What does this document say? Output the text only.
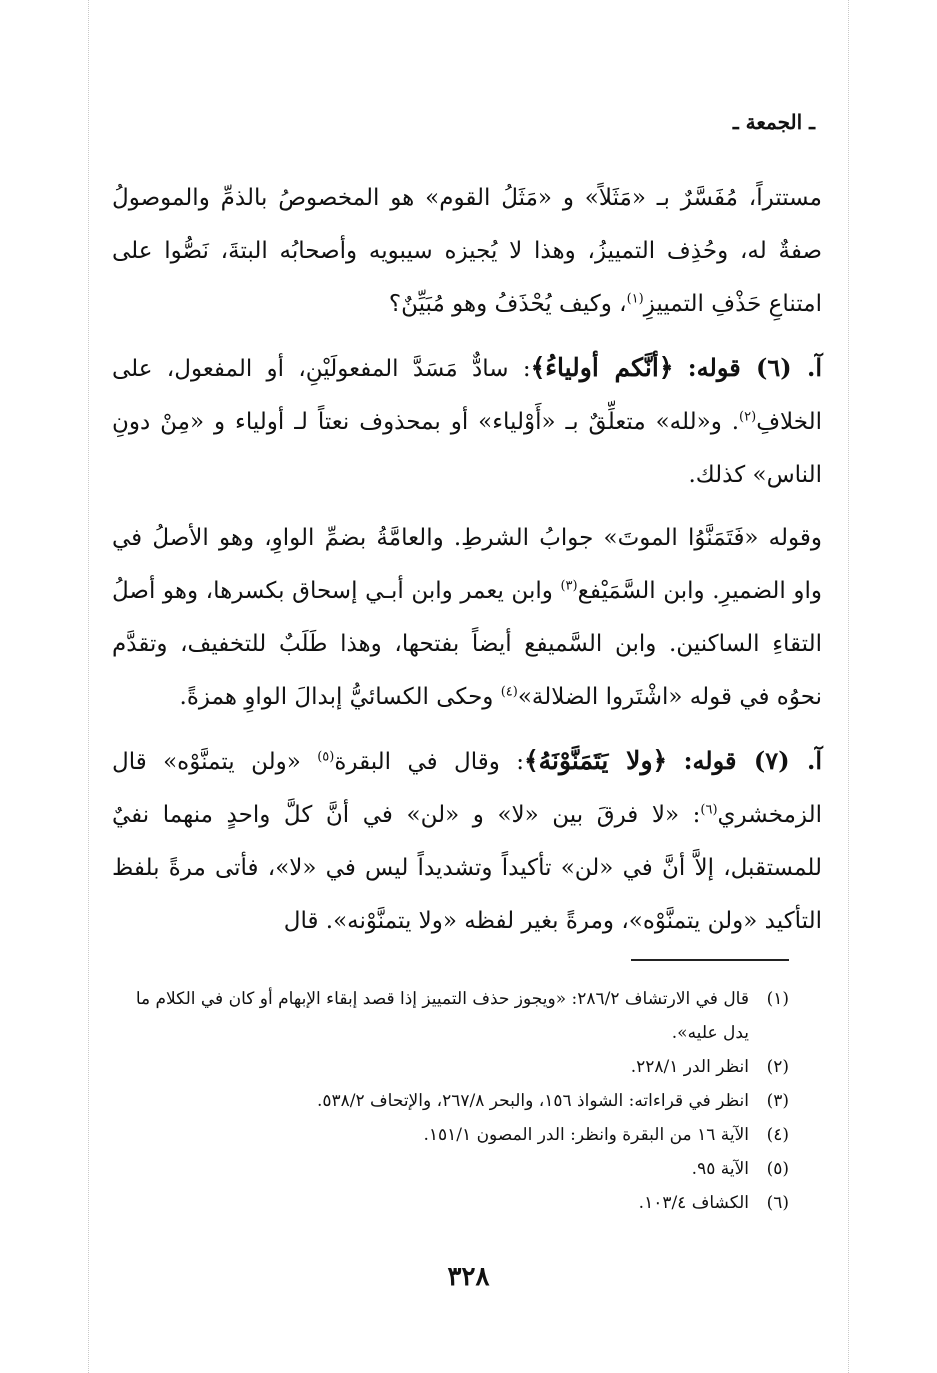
ـ الجمعة ـ

مستتراً، مُفَسَّرٌ بـ «مَثَلاً» و «مَثَلُ القوم» هو المخصوصُ بالذمِّ والموصولُ صفةٌ له، وحُذِف التمييزُ، وهذا لا يُجيزه سيبويه وأصحابُه البتةَ، نَصُّوا على امتناعِ حَذْفِ التمييزِ$^{(١)}$، وكيف يُحْذَفُ وهو مُبَيِّنٌ؟

آ. (٦) قوله: ﴿أنَّكم أولياءُ﴾: سادٌّ مَسَدَّ المفعولَيْنِ، أو المفعول، على الخلافِ$^{(٢)}$. و«لله» متعلِّقٌ بـ «أَوْلياء» أو بمحذوف نعتاً لـ أولياء و «مِنْ دونِ الناس» كذلك.

وقوله «فَتَمَنَّوُا الموتَ» جوابُ الشرطِ. والعامَّةُ بضمِّ الواوِ، وهو الأصلُ في واو الضميرِ. وابن السَّمَيْفع$^{(٣)}$ وابن يعمر وابن أبـي إسحاق بكسرها، وهو أصلُ التقاءِ الساكنين. وابن السَّميفع أيضاً بفتحها، وهذا طَلَبٌ للتخفيف، وتقدَّم نحوُه في قوله «اشْتَروا الضلالة»$^{(٤)}$ وحكى الكسائيُّ إبدالَ الواوِ همزةً.

آ. (٧) قوله: ﴿ولا يَتَمَنَّوْنَهُ﴾: وقال في البقرة$^{(٥)}$ «ولن يتمنَّوْه» قال الزمخشري$^{(٦)}$: «لا فرقَ بين «لا» و «لن» في أنَّ كلَّ واحدٍ منهما نفيٌ للمستقبل، إلاَّ أنَّ في «لن» تأكيداً وتشديداً ليس في «لا»، فأتى مرةً بلفظ التأكيد «ولن يتمنَّوْه»، ومرةً بغير لفظه «ولا يتمنَّوْنه». قال

(١)
قال في الارتشاف ٢٨٦/٢: «ويجوز حذف التمييز إذا قصد إبقاء الإبهام أو كان في الكلام ما يدل عليه».
(٢)
انظر الدر ٢٢٨/١.
(٣)
انظر في قراءاته: الشواذ ١٥٦، والبحر ٢٦٧/٨، والإتحاف ٥٣٨/٢.
(٤)
الآية ١٦ من البقرة وانظر: الدر المصون ١٥١/١.
(٥)
الآية ٩٥.
(٦)
الكشاف ١٠٣/٤.
٣٢٨
